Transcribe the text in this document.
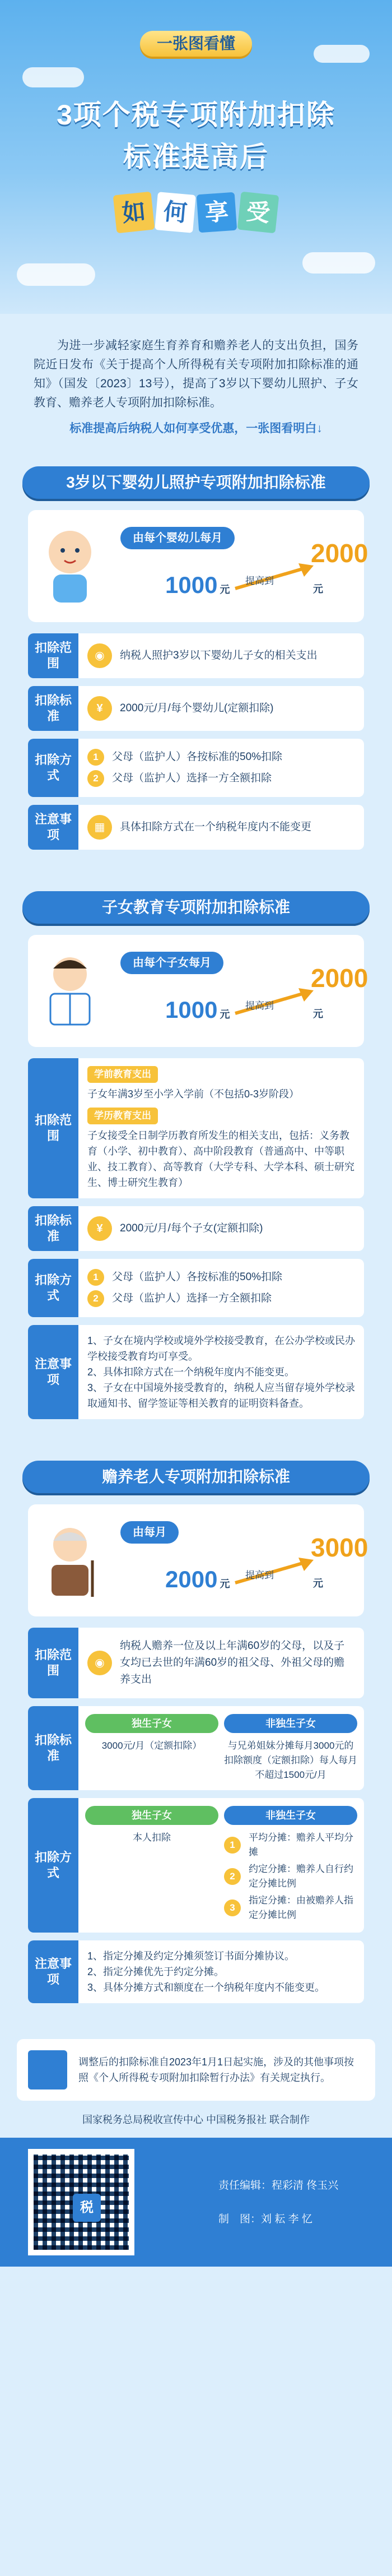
一张图看懂
3项个税专项附加扣除
标准提高后
如 何 享 受

为进一步减轻家庭生育养育和赡养老人的支出负担，国务院近日发布《关于提高个人所得税有关专项附加扣除标准的通知》（国发〔2023〕13号），提高了3岁以下婴幼儿照护、子女教育、赡养老人专项附加扣除标准。

标准提高后纳税人如何享受优惠，一张图看明白↓

3岁以下婴幼儿照护专项附加扣除标准
由每个婴幼儿每月
1000 元
提高到
2000元
扣除范围
◉	纳税人照护3岁以下婴幼儿子女的相关支出
扣除标准
¥	2000元/月/每个婴幼儿(定额扣除)
扣除方式
1	父母（监护人）各按标准的50%扣除
2	父母（监护人）选择一方全额扣除
注意事项
▦	具体扣除方式在一个纳税年度内不能变更
子女教育专项附加扣除标准
由每个子女每月
1000 元
提高到
2000元
扣除范围
学前教育支出
子女年满3岁至小学入学前（不包括0-3岁阶段）
学历教育支出
子女接受全日制学历教育所发生的相关支出，包括：义务教育（小学、初中教育）、高中阶段教育（普通高中、中等职业、技工教育）、高等教育（大学专科、大学本科、硕士研究生、博士研究生教育）
扣除标准
¥	2000元/月/每个子女(定额扣除)
扣除方式
1	父母（监护人）各按标准的50%扣除
2	父母（监护人）选择一方全额扣除
注意事项
1、子女在境内学校或境外学校接受教育，在公办学校或民办学校接受教育均可享受。
2、具体扣除方式在一个纳税年度内不能变更。
3、子女在中国境外接受教育的，纳税人应当留存境外学校录取通知书、留学签证等相关教育的证明资料备查。
赡养老人专项附加扣除标准
由每月
2000 元
提高到
3000元
扣除范围
◉
纳税人赡养一位及以上年满60岁的父母，以及子女均已去世的年满60岁的祖父母、外祖父母的赡养支出
扣除标准
独生子女
3000元/月（定额扣除）
非独生子女
与兄弟姐妹分摊每月3000元的扣除额度（定额扣除）每人每月不超过1500元/月
扣除方式
独生子女
本人扣除
非独生子女
1
平均分摊：赡养人平均分摊
2
约定分摊：赡养人自行约定分摊比例
3
指定分摊：由被赡养人指定分摊比例
注意事项
1、指定分摊及约定分摊须签订书面分摊协议。
2、指定分摊优先于约定分摊。
3、具体分摊方式和额度在一个纳税年度内不能变更。
调整后的扣除标准自2023年1月1日起实施，涉及的其他事项按照《个人所得税专项附加扣除暂行办法》有关规定执行。
国家税务总局税收宣传中心 中国税务报社 联合制作
税
责任编辑：程彩清 佟玉兴
制　图：刘 耘 李 忆
